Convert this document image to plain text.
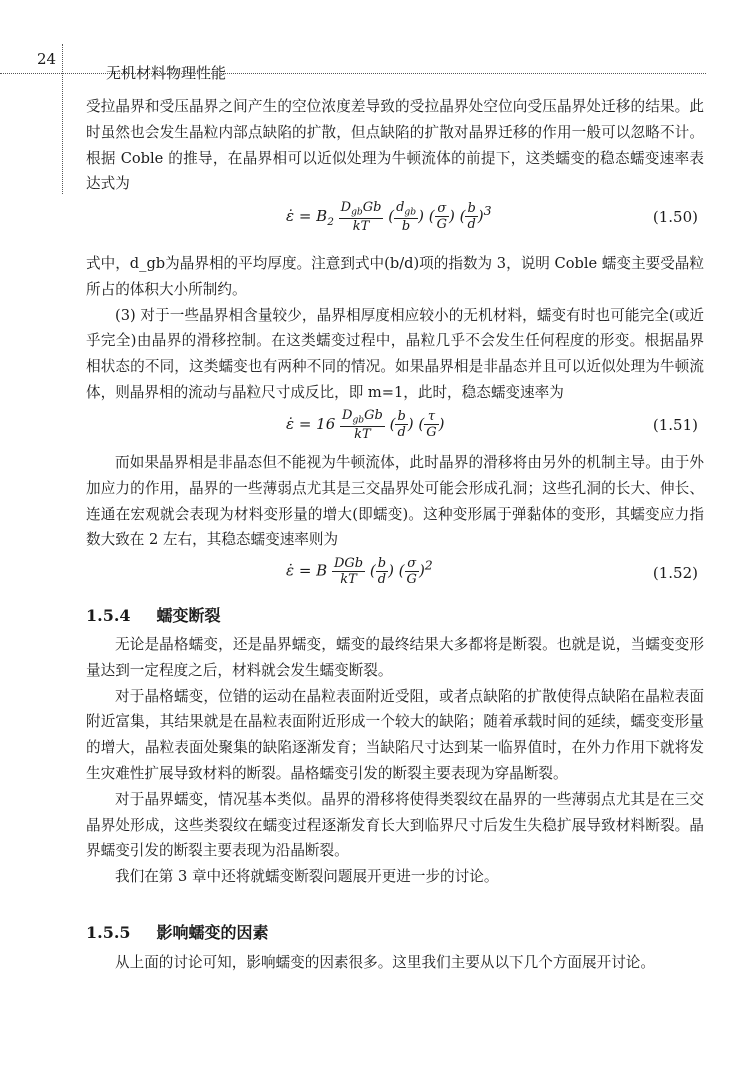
24
无机材料物理性能

受拉晶界和受压晶界之间产生的空位浓度差导致的受拉晶界处空位向受压晶界处迁移的结果。此时虽然也会发生晶粒内部点缺陷的扩散，但点缺陷的扩散对晶界迁移的作用一般可以忽略不计。根据 Coble 的推导，在晶界相可以近似处理为牛顿流体的前提下，这类蠕变的稳态蠕变速率表达式为

ε̇ = $B_2 \frac{D_{gb}Gb}{kT}$ ( $\frac{d_{gb}}{b}$ ) ( $\frac{\sigma}{G}$ ) ( $\frac{b}{d} )^3$	(1.50)

式中，d_gb为晶界相的平均厚度。注意到式中(b/d)项的指数为 3，说明 Coble 蠕变主要受晶粒所占的体积大小所制约。

(3) 对于一些晶界相含量较少，晶界相厚度相应较小的无机材料，蠕变有时也可能完全(或近乎完全)由晶界的滑移控制。在这类蠕变过程中，晶粒几乎不会发生任何程度的形变。根据晶界相状态的不同，这类蠕变也有两种不同的情况。如果晶界相是非晶态并且可以近似处理为牛顿流体，则晶界相的流动与晶粒尺寸成反比，即 m=1，此时，稳态蠕变速率为

ε̇ = $16 \frac{D_{gb}Gb}{kT}$ ( $\frac{b}{d}$ ) ( $\frac{\tau}{G}$ )	(1.51)

而如果晶界相是非晶态但不能视为牛顿流体，此时晶界的滑移将由另外的机制主导。由于外加应力的作用，晶界的一些薄弱点尤其是三交晶界处可能会形成孔洞；这些孔洞的长大、伸长、连通在宏观就会表现为材料变形量的增大(即蠕变)。这种变形属于弹黏体的变形，其蠕变应力指数大致在 2 左右，其稳态蠕变速率则为

ε̇ = B $\frac{\text{DGb}}{kT}$ ( $\frac{b}{d}$ ) ( $\frac{\sigma}{G} )^2$	(1.52)
1.5.4 蠕变断裂

无论是晶格蠕变，还是晶界蠕变，蠕变的最终结果大多都将是断裂。也就是说，当蠕变变形量达到一定程度之后，材料就会发生蠕变断裂。

对于晶格蠕变，位错的运动在晶粒表面附近受阻，或者点缺陷的扩散使得点缺陷在晶粒表面附近富集，其结果就是在晶粒表面附近形成一个较大的缺陷；随着承载时间的延续，蠕变变形量的增大，晶粒表面处聚集的缺陷逐渐发育；当缺陷尺寸达到某一临界值时，在外力作用下就将发生灾难性扩展导致材料的断裂。晶格蠕变引发的断裂主要表现为穿晶断裂。

对于晶界蠕变，情况基本类似。晶界的滑移将使得类裂纹在晶界的一些薄弱点尤其是在三交晶界处形成，这些类裂纹在蠕变过程逐渐发育长大到临界尺寸后发生失稳扩展导致材料断裂。晶界蠕变引发的断裂主要表现为沿晶断裂。

我们在第 3 章中还将就蠕变断裂问题展开更进一步的讨论。

1.5.5 影响蠕变的因素

从上面的讨论可知，影响蠕变的因素很多。这里我们主要从以下几个方面展开讨论。
